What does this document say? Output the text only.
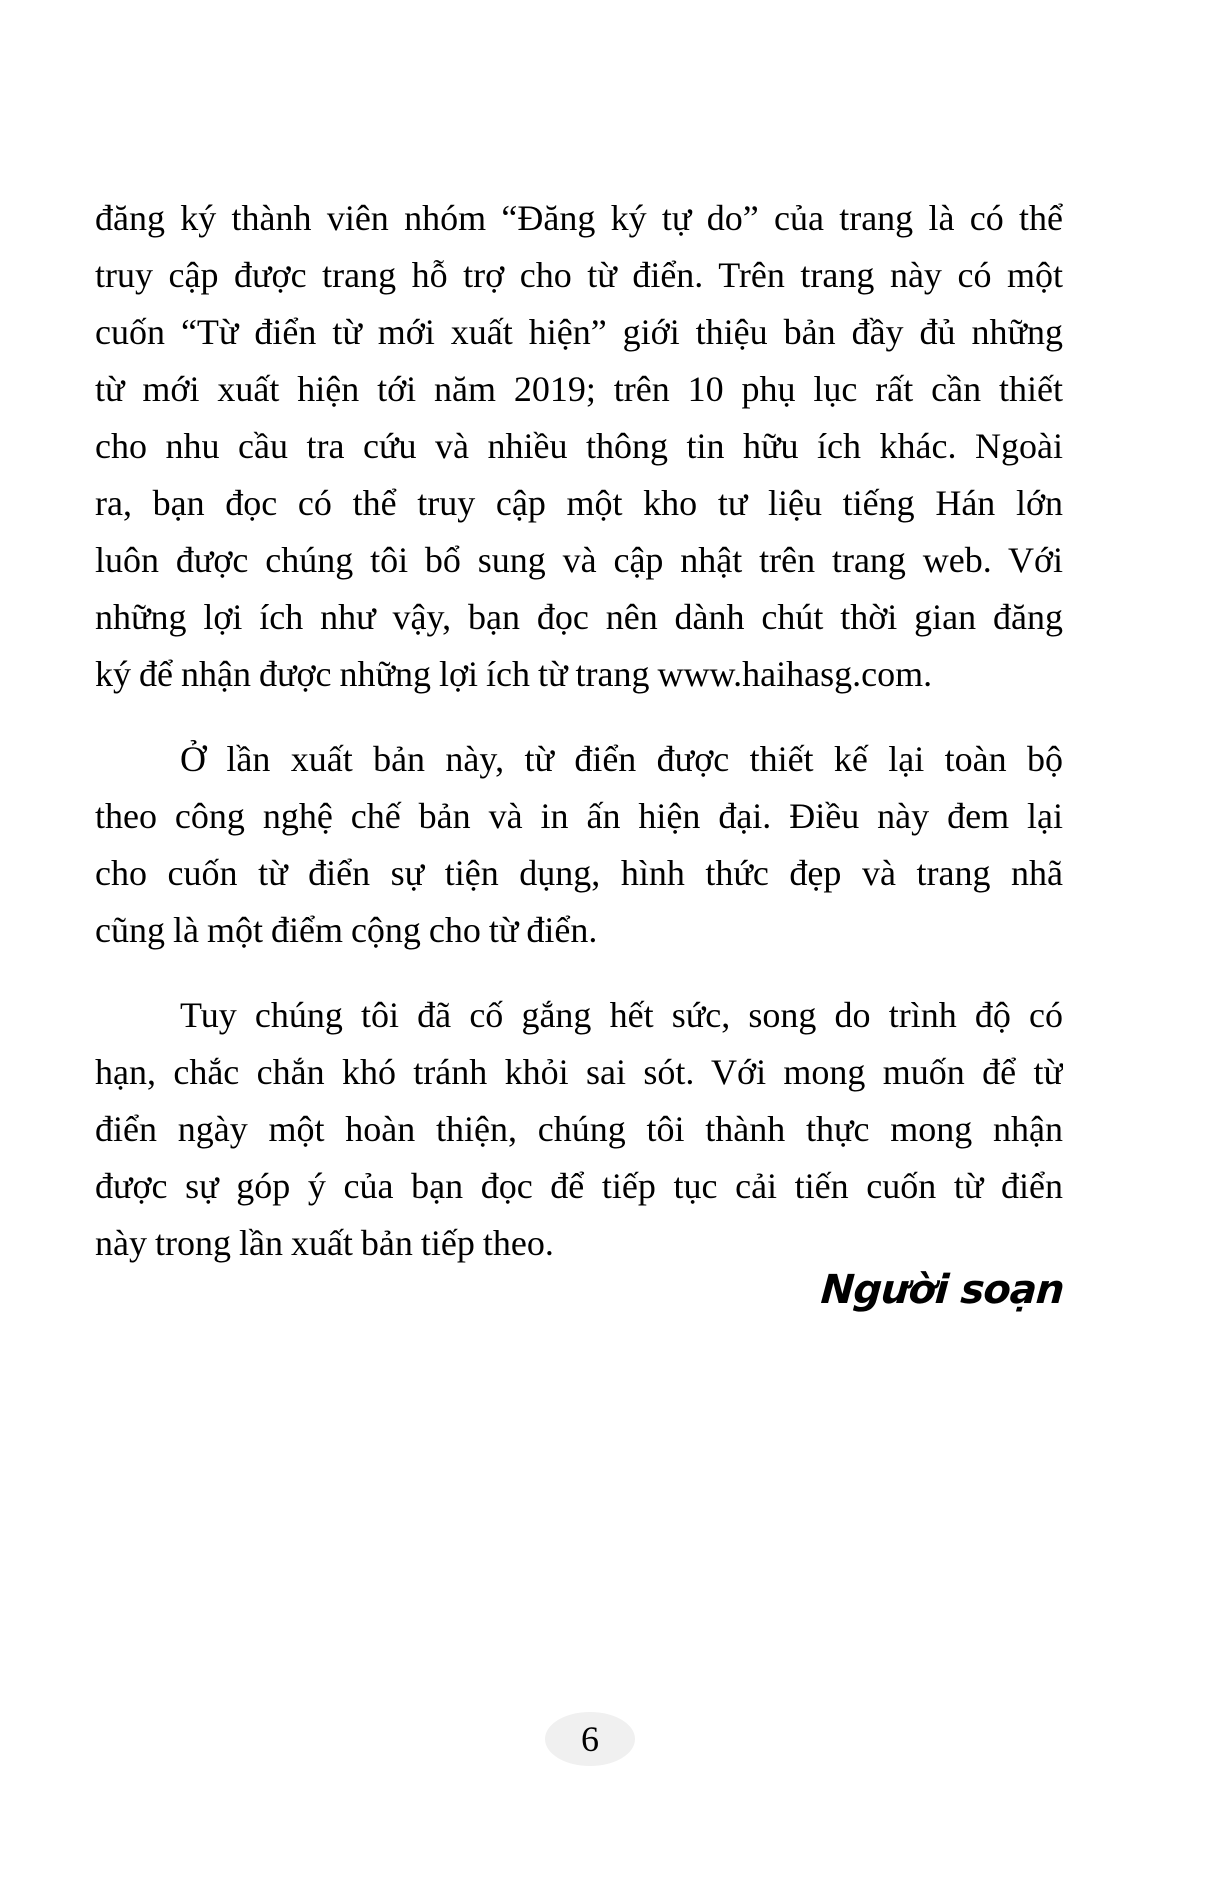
đăng ký thành viên nhóm “Đăng ký tự do” của trang là có thể
truy cập được trang hỗ trợ cho từ điển. Trên trang này có một
cuốn “Từ điển từ mới xuất hiện” giới thiệu bản đầy đủ những
từ mới xuất hiện tới năm 2019; trên 10 phụ lục rất cần thiết
cho nhu cầu tra cứu và nhiều thông tin hữu ích khác. Ngoài
ra, bạn đọc có thể truy cập một kho tư liệu tiếng Hán lớn
luôn được chúng tôi bổ sung và cập nhật trên trang web. Với
những lợi ích như vậy, bạn đọc nên dành chút thời gian đăng
ký để nhận được những lợi ích từ trang www.haihasg.com.
Ở lần xuất bản này, từ điển được thiết kế lại toàn bộ
theo công nghệ chế bản và in ấn hiện đại. Điều này đem lại
cho cuốn từ điển sự tiện dụng, hình thức đẹp và trang nhã
cũng là một điểm cộng cho từ điển.
Tuy chúng tôi đã cố gắng hết sức, song do trình độ có
hạn, chắc chắn khó tránh khỏi sai sót. Với mong muốn để từ
điển ngày một hoàn thiện, chúng tôi thành thực mong nhận
được sự góp ý của bạn đọc để tiếp tục cải tiến cuốn từ điển
này trong lần xuất bản tiếp theo.
Người soạn
6
